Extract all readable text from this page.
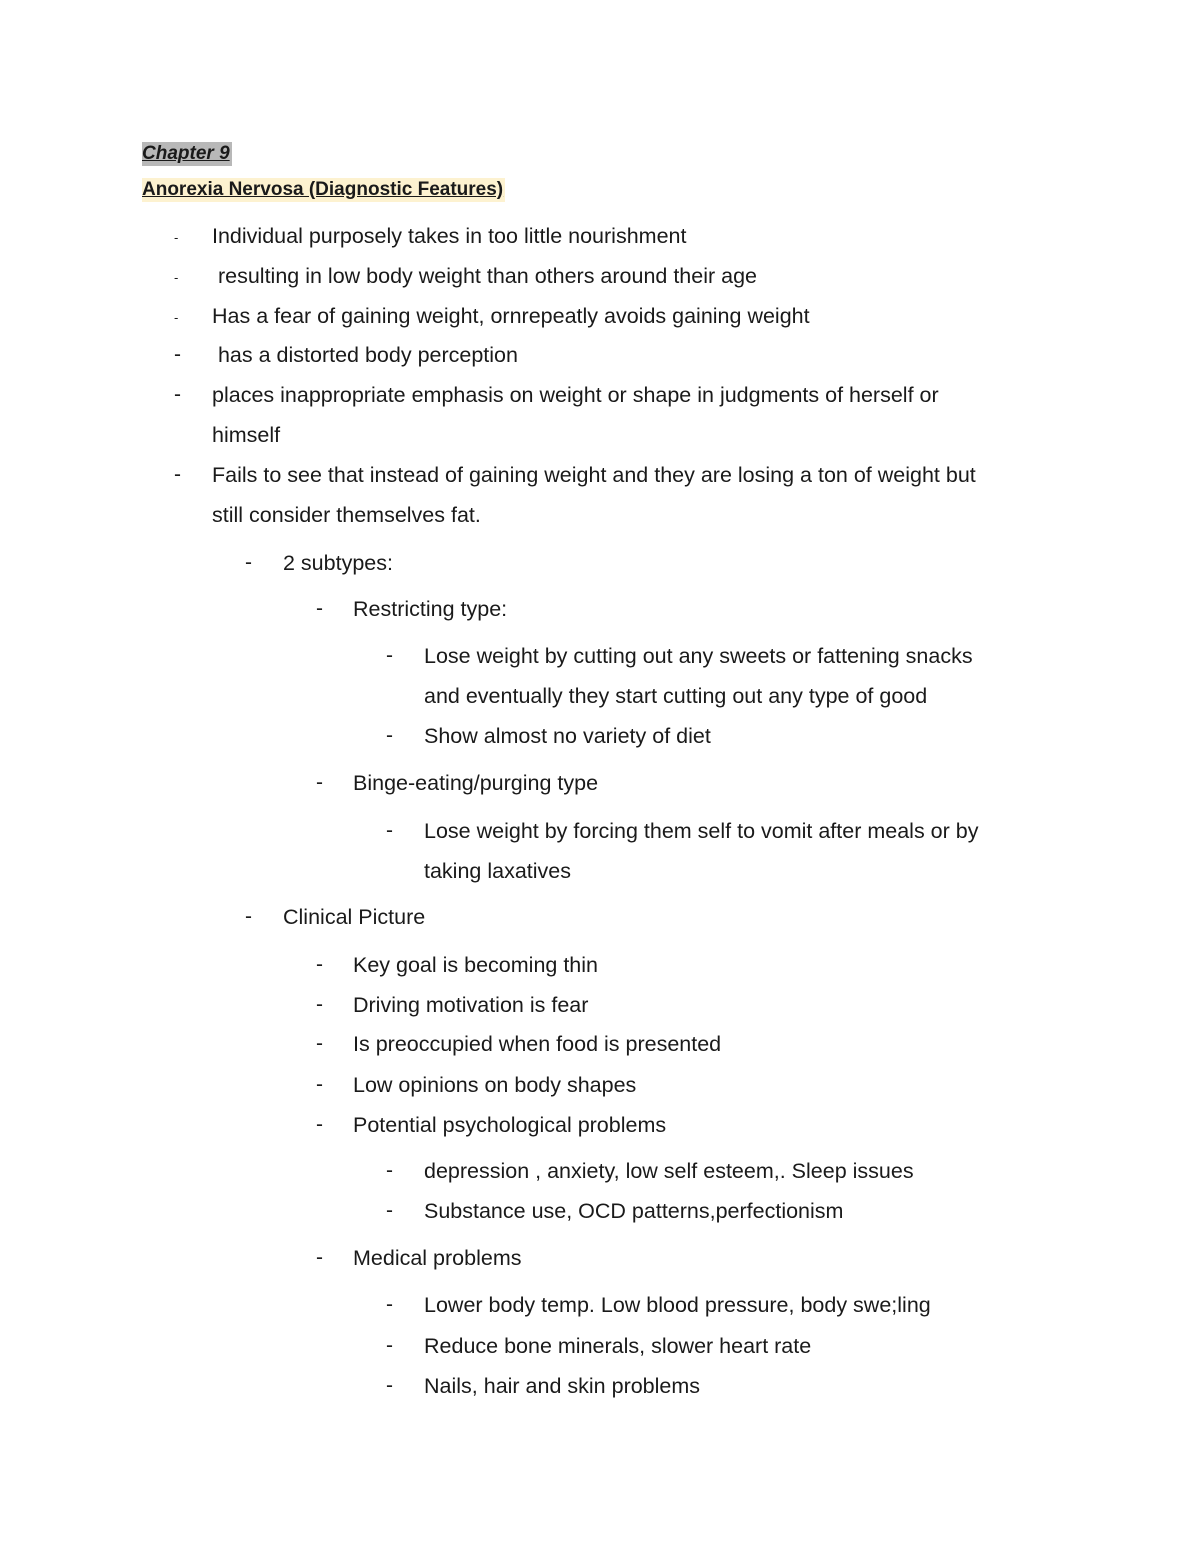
Chapter 9
Anorexia Nervosa (Diagnostic Features)
- Individual purposely takes in too little nourishment
- resulting in low body weight than others around their age
- Has a fear of gaining weight, ornrepeatly avoids gaining weight
- has a distorted body perception
- places inappropriate emphasis on weight or shape in judgments of herself or
himself
- Fails to see that instead of gaining weight and they are losing a ton of weight but
still consider themselves fat.
- 2 subtypes:
- Restricting type:
- Lose weight by cutting out any sweets or fattening snacks
and eventually they start cutting out any type of good
- Show almost no variety of diet
- Binge-eating/purging type
- Lose weight by forcing them self to vomit after meals or by
taking laxatives
- Clinical Picture
- Key goal is becoming thin
- Driving motivation is fear
- Is preoccupied when food is presented
- Low opinions on body shapes
- Potential psychological problems
- depression , anxiety, low self esteem,. Sleep issues
- Substance use, OCD patterns,perfectionism
- Medical problems
- Lower body temp. Low blood pressure, body swe;ling
- Reduce bone minerals, slower heart rate
- Nails, hair and skin problems
